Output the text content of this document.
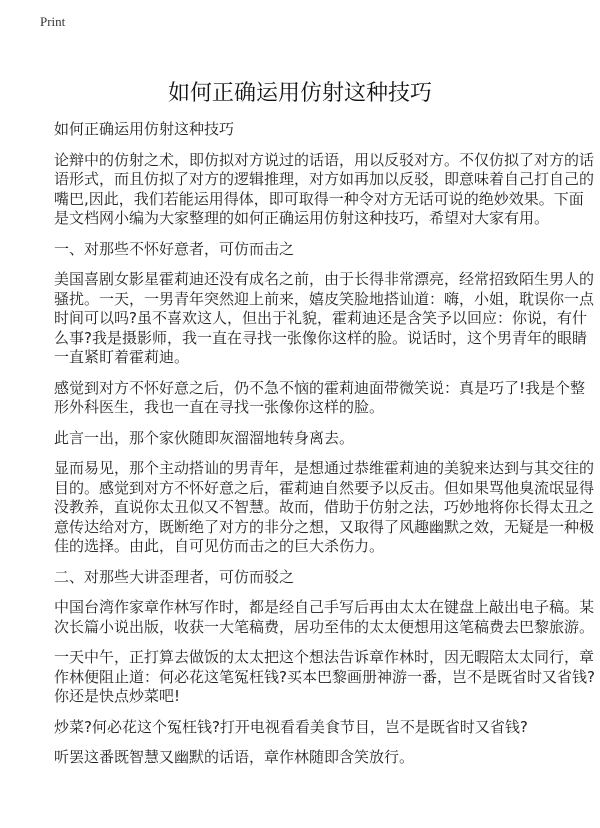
Print
如何正确运用仿射这种技巧

如何正确运用仿射这种技巧

论辩中的仿射之术，即仿拟对方说过的话语，用以反驳对方。不仅仿拟了对方的话
语形式，而且仿拟了对方的逻辑推理，对方如再加以反驳，即意味着自己打自己的
嘴巴,因此，我们若能运用得体，即可取得一种令对方无话可说的绝妙效果。下面
是文档网小编为大家整理的如何正确运用仿射这种技巧，希望对大家有用。

一、对那些不怀好意者，可仿而击之

美国喜剧女影星霍莉迪还没有成名之前，由于长得非常漂亮，经常招致陌生男人的
骚扰。一天，一男青年突然迎上前来，嬉皮笑脸地搭讪道：嗨，小姐，耽误你一点
时间可以吗?虽不喜欢这人，但出于礼貌，霍莉迪还是含笑予以回应：你说，有什
么事?我是摄影师，我一直在寻找一张像你这样的脸。说话时，这个男青年的眼睛
一直紧盯着霍莉迪。

感觉到对方不怀好意之后，仍不急不恼的霍莉迪面带微笑说：真是巧了!我是个整
形外科医生，我也一直在寻找一张像你这样的脸。

此言一出，那个家伙随即灰溜溜地转身离去。

显而易见，那个主动搭讪的男青年，是想通过恭维霍莉迪的美貌来达到与其交往的
目的。感觉到对方不怀好意之后，霍莉迪自然要予以反击。但如果骂他臭流氓显得
没教养，直说你太丑似又不智慧。故而，借助于仿射之法，巧妙地将你长得太丑之
意传达给对方，既断绝了对方的非分之想，又取得了风趣幽默之效，无疑是一种极
佳的选择。由此，自可见仿而击之的巨大杀伤力。

二、对那些大讲歪理者，可仿而驳之

中国台湾作家章作林写作时，都是经自己手写后再由太太在键盘上敲出电子稿。某
次长篇小说出版，收获一大笔稿费，居功至伟的太太便想用这笔稿费去巴黎旅游。

一天中午，正打算去做饭的太太把这个想法告诉章作林时，因无暇陪太太同行，章
作林便阻止道：何必花这笔冤枉钱?买本巴黎画册神游一番，岂不是既省时又省钱?
你还是快点炒菜吧!

炒菜?何必花这个冤枉钱?打开电视看看美食节目，岂不是既省时又省钱?

听罢这番既智慧又幽默的话语，章作林随即含笑放行。
